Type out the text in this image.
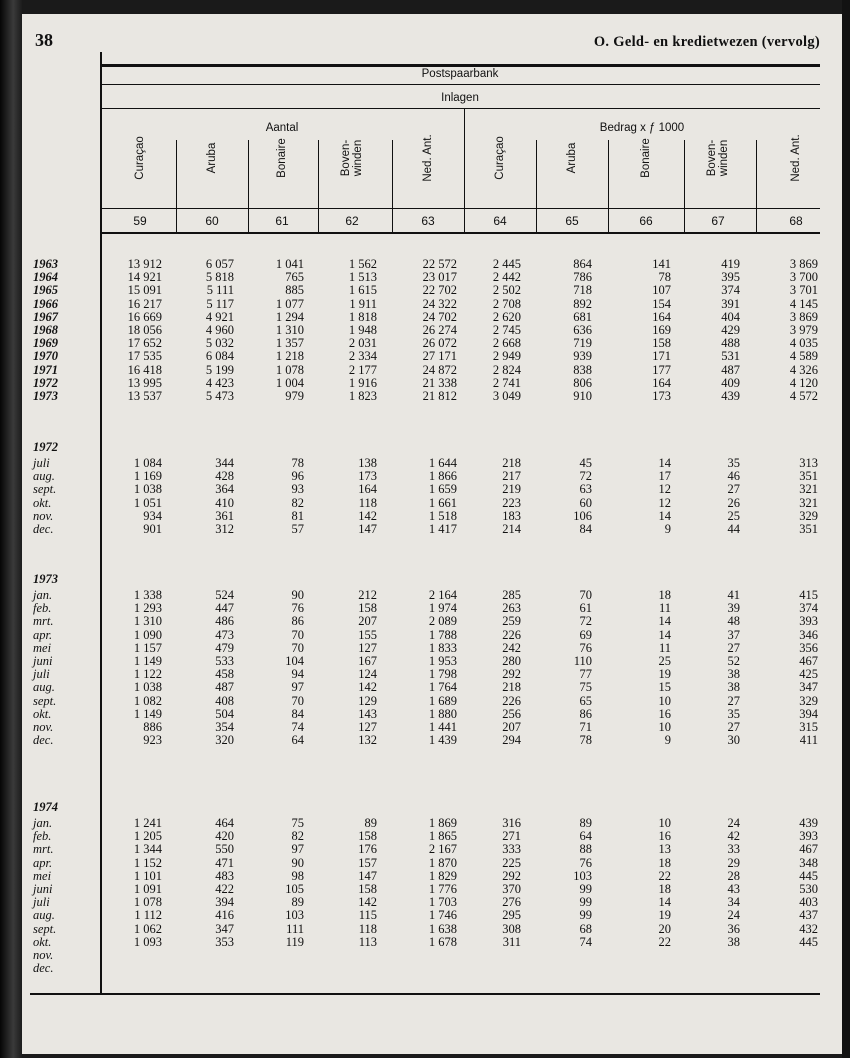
38	O. Geld- en kredietwezen (vervolg)
Postspaarbank
Inlagen
Aantal	Bedrag x ƒ 1000
Curaçao
59
Aruba
60
Bonaire
61
Boven-
winden
62
Ned. Ant.
63
Curaçao
64
Aruba
65
Bonaire
66
Boven-
winden
67
Ned. Ant.
68
1963	13 912	6 057	1 041	1 562	22 572	2 445	864	141	419	3 869
1964	14 921	5 818	765	1 513	23 017	2 442	786	78	395	3 700
1965	15 091	5 111	885	1 615	22 702	2 502	718	107	374	3 701
1966	16 217	5 117	1 077	1 911	24 322	2 708	892	154	391	4 145
1967	16 669	4 921	1 294	1 818	24 702	2 620	681	164	404	3 869
1968	18 056	4 960	1 310	1 948	26 274	2 745	636	169	429	3 979
1969	17 652	5 032	1 357	2 031	26 072	2 668	719	158	488	4 035
1970	17 535	6 084	1 218	2 334	27 171	2 949	939	171	531	4 589
1971	16 418	5 199	1 078	2 177	24 872	2 824	838	177	487	4 326
1972	13 995	4 423	1 004	1 916	21 338	2 741	806	164	409	4 120
1973	13 537	5 473	979	1 823	21 812	3 049	910	173	439	4 572
1972
juli	1 084	344	78	138	1 644	218	45	14	35	313
aug.	1 169	428	96	173	1 866	217	72	17	46	351
sept.	1 038	364	93	164	1 659	219	63	12	27	321
okt.	1 051	410	82	118	1 661	223	60	12	26	321
nov.	934	361	81	142	1 518	183	106	14	25	329
dec.	901	312	57	147	1 417	214	84	9	44	351
1973
jan.	1 338	524	90	212	2 164	285	70	18	41	415
feb.	1 293	447	76	158	1 974	263	61	11	39	374
mrt.	1 310	486	86	207	2 089	259	72	14	48	393
apr.	1 090	473	70	155	1 788	226	69	14	37	346
mei	1 157	479	70	127	1 833	242	76	11	27	356
juni	1 149	533	104	167	1 953	280	110	25	52	467
juli	1 122	458	94	124	1 798	292	77	19	38	425
aug.	1 038	487	97	142	1 764	218	75	15	38	347
sept.	1 082	408	70	129	1 689	226	65	10	27	329
okt.	1 149	504	84	143	1 880	256	86	16	35	394
nov.	886	354	74	127	1 441	207	71	10	27	315
dec.	923	320	64	132	1 439	294	78	9	30	411
1974
jan.	1 241	464	75	89	1 869	316	89	10	24	439
feb.	1 205	420	82	158	1 865	271	64	16	42	393
mrt.	1 344	550	97	176	2 167	333	88	13	33	467
apr.	1 152	471	90	157	1 870	225	76	18	29	348
mei	1 101	483	98	147	1 829	292	103	22	28	445
juni	1 091	422	105	158	1 776	370	99	18	43	530
juli	1 078	394	89	142	1 703	276	99	14	34	403
aug.	1 112	416	103	115	1 746	295	99	19	24	437
sept.	1 062	347	111	118	1 638	308	68	20	36	432
okt.	1 093	353	119	113	1 678	311	74	22	38	445
nov.
dec.
